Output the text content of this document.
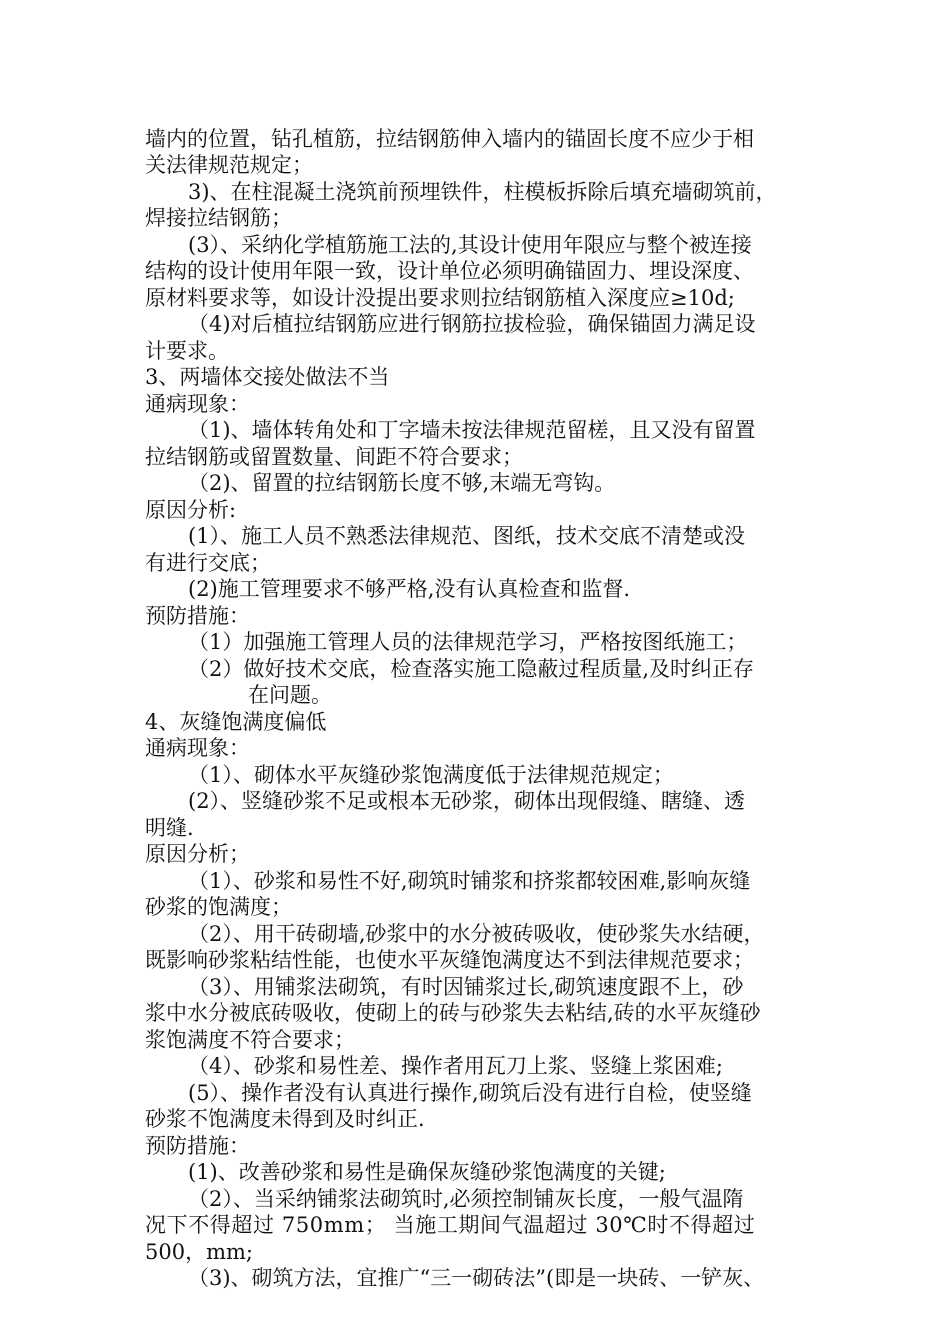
墙内的位置，钻孔植筋，拉结钢筋伸入墙内的锚固长度不应少于相

关法律规范规定；

3)、在柱混凝土浇筑前预埋铁件，柱模板拆除后填充墙砌筑前，

焊接拉结钢筋；

(3）、采纳化学植筋施工法的,其设计使用年限应与整个被连接

结构的设计使用年限一致，设计单位必须明确锚固力、埋设深度、

原材料要求等，如设计没提出要求则拉结钢筋植入深度应≥10d;

（4)对后植拉结钢筋应进行钢筋拉拔检验，确保锚固力满足设

计要求。

3、两墙体交接处做法不当

通病现象：

（1)、墙体转角处和丁字墙未按法律规范留槎，且又没有留置

拉结钢筋或留置数量、间距不符合要求；

（2)、留置的拉结钢筋长度不够,末端无弯钩。

原因分析:

(1）、施工人员不熟悉法律规范、图纸，技术交底不清楚或没

有进行交底；

(2)施工管理要求不够严格,没有认真检查和监督.

预防措施：

（1）加强施工管理人员的法律规范学习，严格按图纸施工；

（2）做好技术交底，检查落实施工隐蔽过程质量,及时纠正存

在问题。

4、灰缝饱满度偏低

通病现象：

（1）、砌体水平灰缝砂浆饱满度低于法律规范规定；

(2）、竖缝砂浆不足或根本无砂浆，砌体出现假缝、瞎缝、透

明缝.

原因分析；

（1）、砂浆和易性不好,砌筑时铺浆和挤浆都较困难,影响灰缝

砂浆的饱满度；

（2）、用干砖砌墙,砂浆中的水分被砖吸收，使砂浆失水结硬，

既影响砂浆粘结性能，也使水平灰缝饱满度达不到法律规范要求；

（3）、用铺浆法砌筑，有时因铺浆过长,砌筑速度跟不上，砂

浆中水分被底砖吸收，使砌上的砖与砂浆失去粘结,砖的水平灰缝砂

浆饱满度不符合要求；

（4）、砂浆和易性差、操作者用瓦刀上浆、竖缝上浆困难;

(5）、操作者没有认真进行操作,砌筑后没有进行自检，使竖缝

砂浆不饱满度未得到及时纠正.

预防措施：

(1)、改善砂浆和易性是确保灰缝砂浆饱满度的关键;

（2）、当采纳铺浆法砌筑时,必须控制铺灰长度，一般气温隋

况下不得超过 750mm； 当施工期间气温超过 30℃时不得超过

500，mm;

（3)、砌筑方法，宜推广“三一砌砖法”(即是一块砖、一铲灰、
